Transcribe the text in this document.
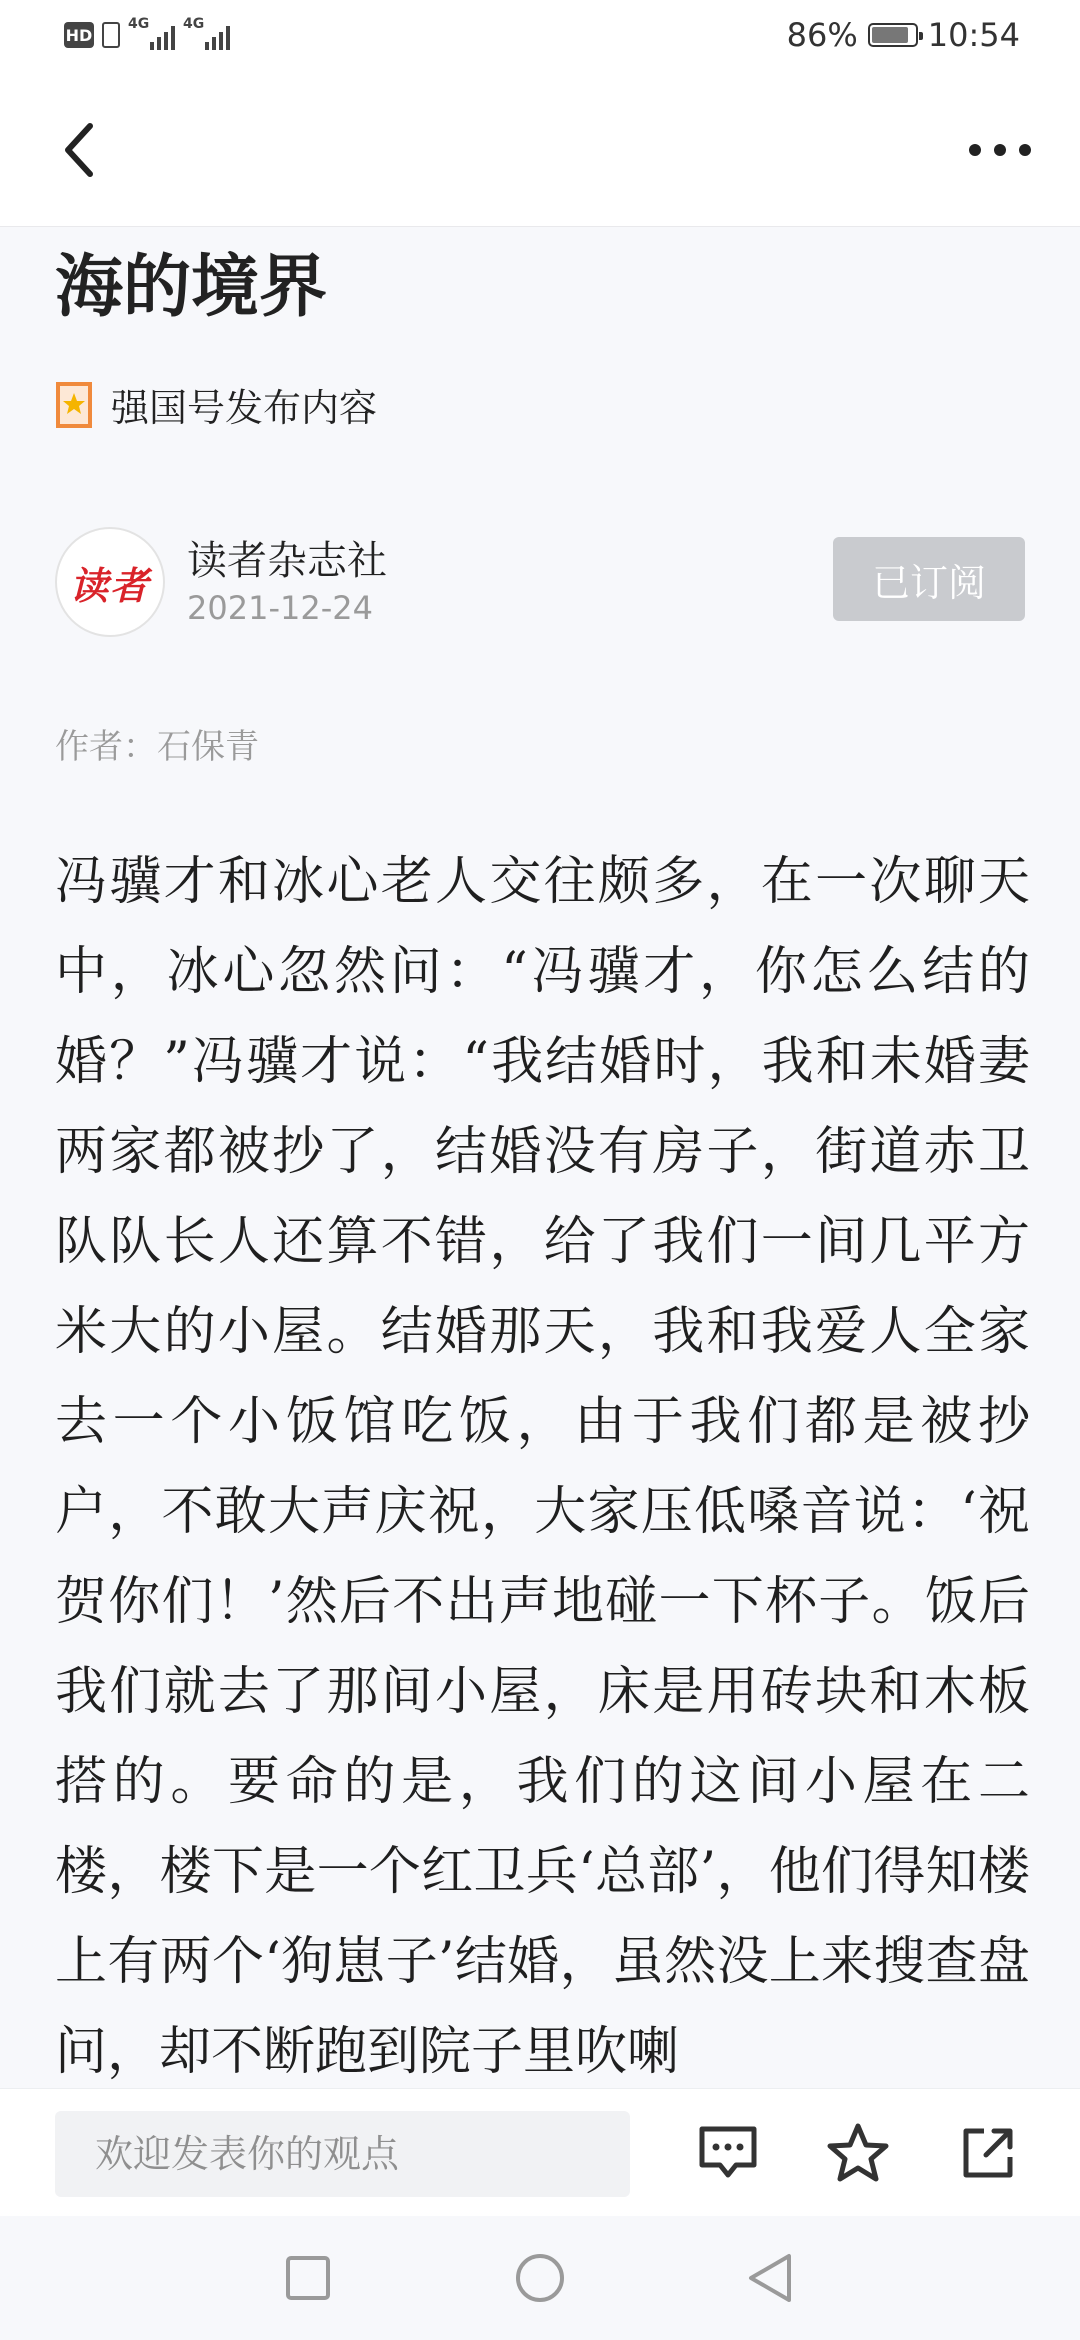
HD
4G 4G	86% 10:54
海的境界
强国号发布内容
读者
读者杂志社
2021-12-24
已订阅
作者：石保青

冯骥才和冰心老人交往颇多，在一次聊天中，冰心忽然问：“冯骥才，你怎么结的婚？”冯骥才说：“我结婚时，我和未婚妻两家都被抄了，结婚没有房子，街道赤卫队队长人还算不错，给了我们一间几平方米大的小屋。结婚那天，我和我爱人全家去一个小饭馆吃饭，由于我们都是被抄户，不敢大声庆祝，大家压低嗓音说：‘祝贺你们！’然后不出声地碰一下杯子。饭后我们就去了那间小屋，床是用砖块和木板搭的。要命的是，我们的这间小屋在二楼，楼下是一个红卫兵‘总部’，他们得知楼上有两个‘狗崽子’结婚，虽然没上来搜查盘问，却不断跑到院子里吹喇

欢迎发表你的观点
